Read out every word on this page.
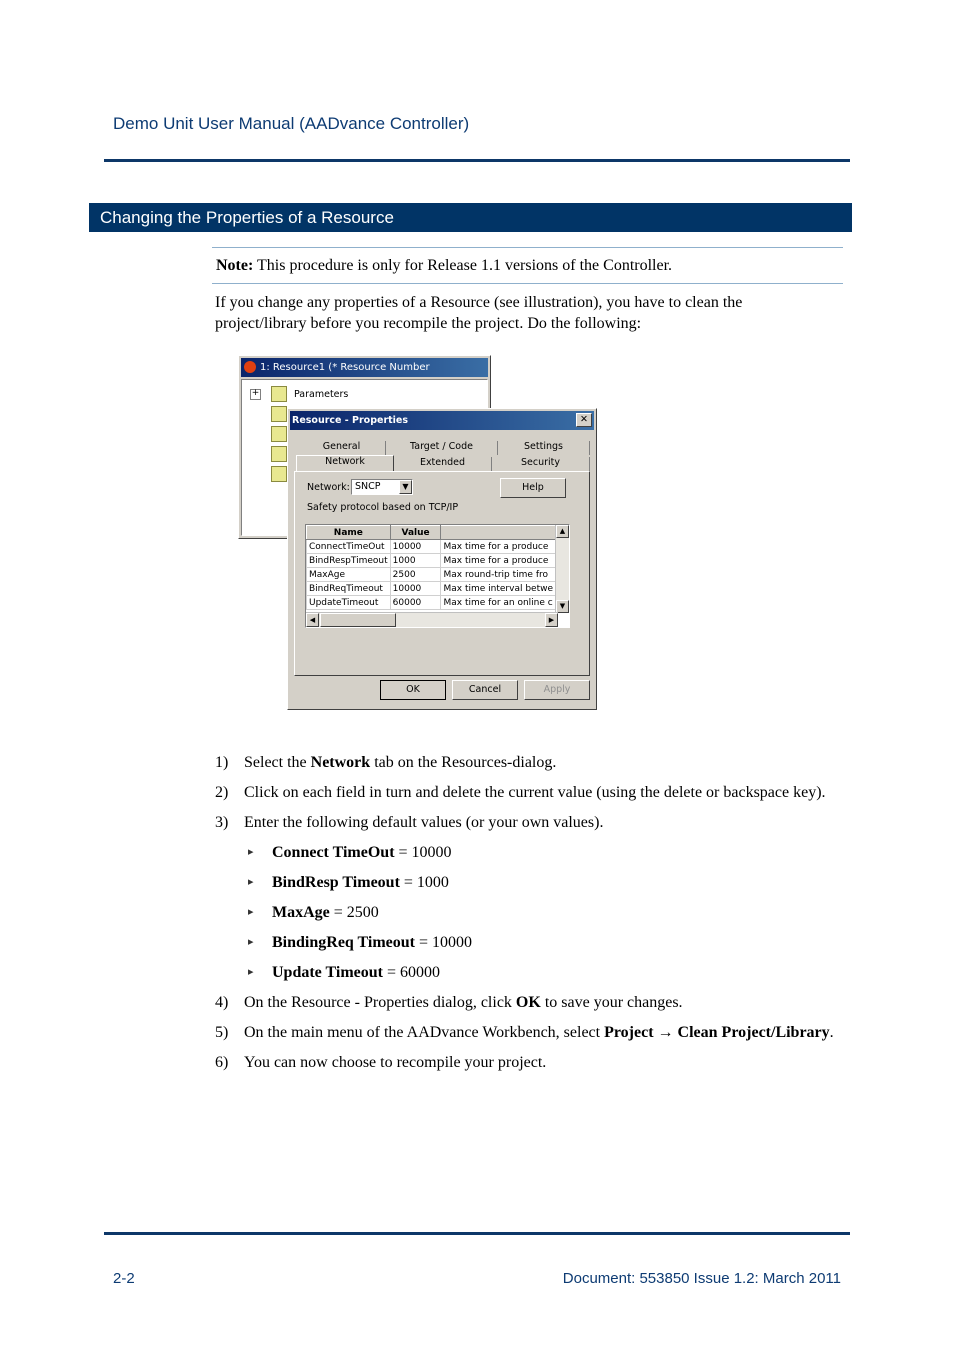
Demo Unit User Manual (AADvance Controller)
Changing the Properties of a Resource
Note: This procedure is only for Release 1.1 versions of the Controller.
If you change any properties of a Resource (see illustration), you have to clean the project/library before you recompile the project. Do the following:
1: Resource1 (* Resource Number
+	Parameters
Resource - Properties	✕
General	Target / Code	Settings
Network	Extended	Security
Network: SNCP	▼	Help
Safety protocol based on TCP/IP
Name	Value	
ConnectTimeOut	10000	Max time for a produce
BindRespTimeout	1000	Max time for a produce
MaxAge	2500	Max round-trip time fro
BindReqTimeout	10000	Max time interval betwe
UpdateTimeout	60000	Max time for an online c
▲
▼
◀	▶
OK	Cancel	Apply
1) Select the Network tab on the Resources-dialog.
2) Click on each field in turn and delete the current value (using the delete or backspace key).
3) Enter the following default values (or your own values).
▸ Connect TimeOut = 10000
▸ BindResp Timeout = 1000
▸ MaxAge = 2500
▸ BindingReq Timeout = 10000
▸ Update Timeout = 60000
4) On the Resource - Properties dialog, click OK to save your changes.
5) On the main menu of the AADvance Workbench, select Project → Clean Project/Library.
6) You can now choose to recompile your project.
2-2	Document: 553850 Issue 1.2: March 2011
